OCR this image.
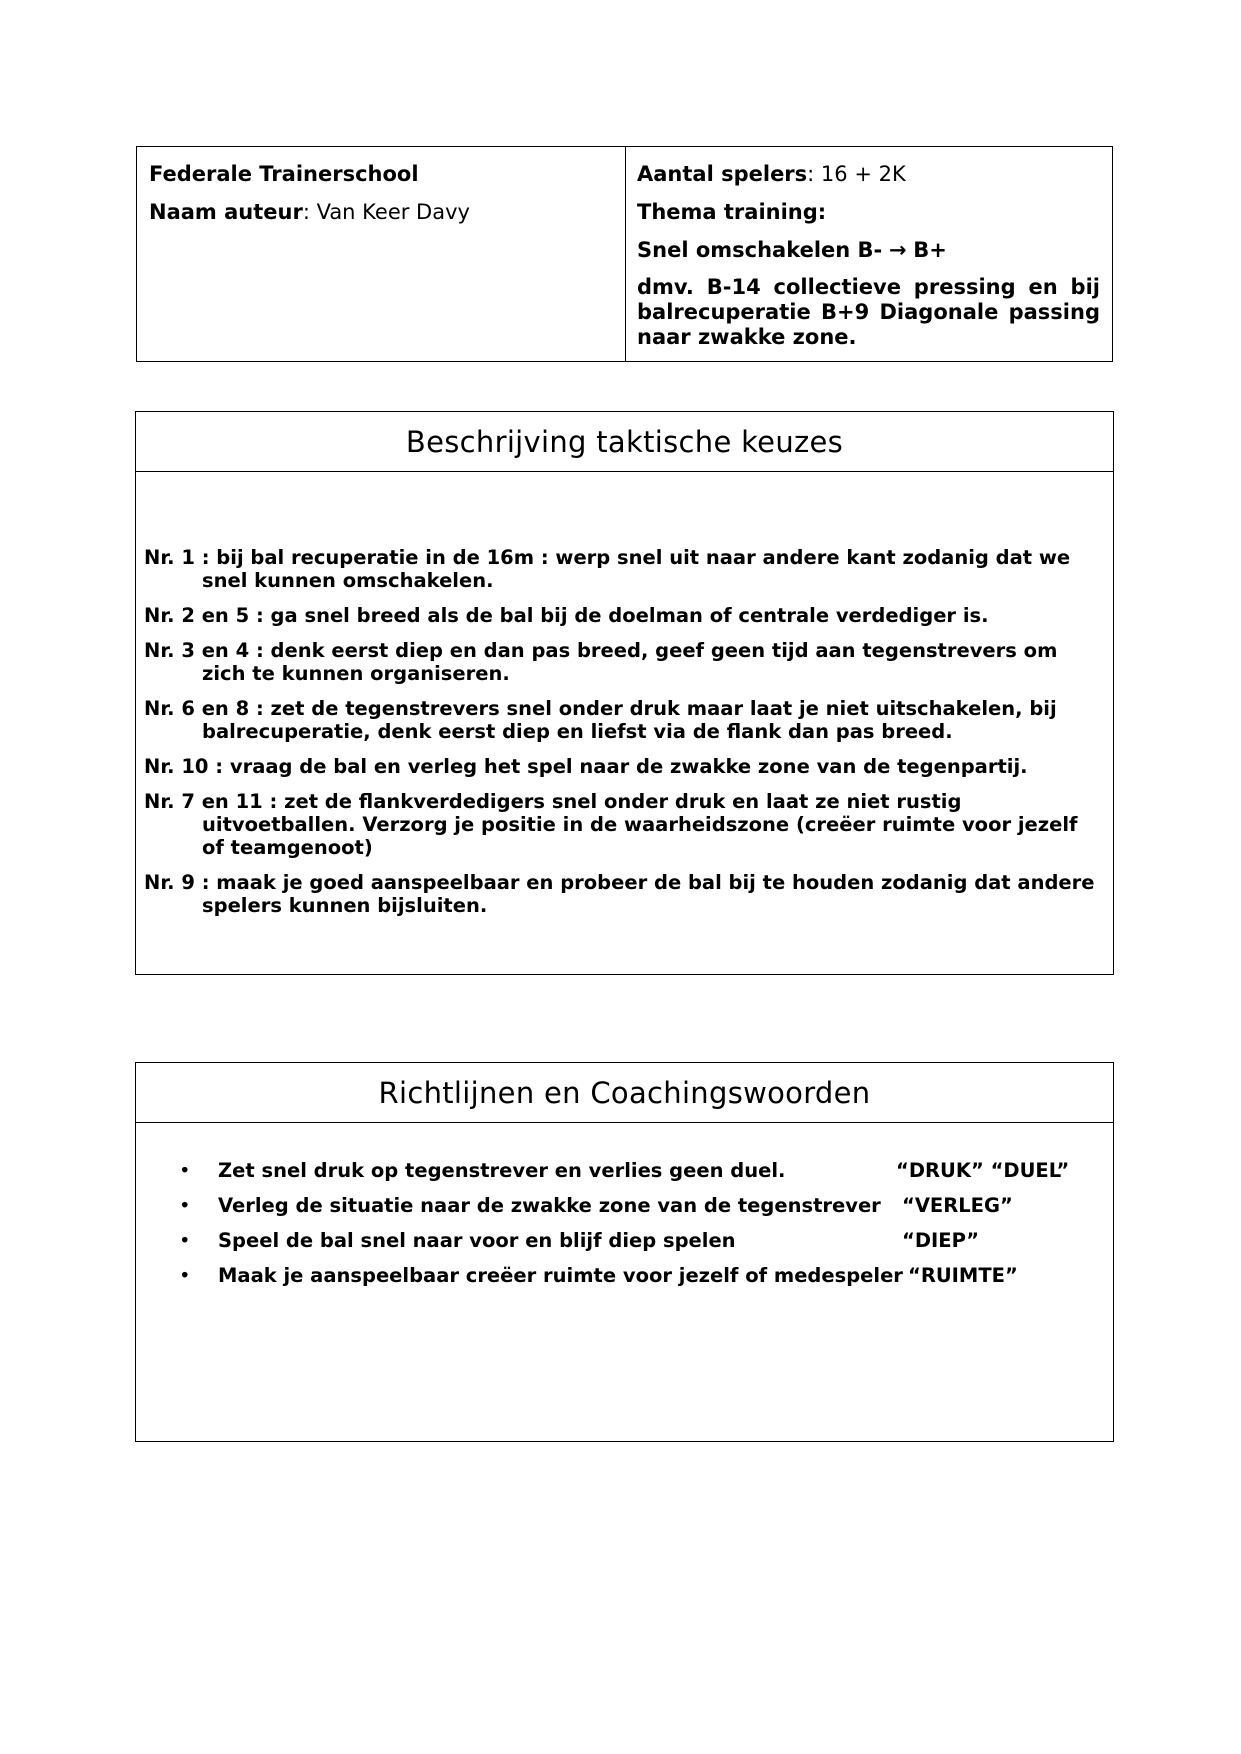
Federale Trainerschool
Naam auteur: Van Keer Davy
Aantal spelers: 16 + 2K
Thema training:
Snel omschakelen B- → B+
dmv. B-14 collectieve pressing en bij balrecuperatie B+9 Diagonale passing naar zwakke zone.
Beschrijving taktische keuzes
Nr. 1 : bij bal recuperatie in de 16m : werp snel uit naar andere kant zodanig dat we snel kunnen omschakelen.
Nr. 2 en 5 : ga snel breed als de bal bij de doelman of centrale verdediger is.
Nr. 3 en 4 : denk eerst diep en dan pas breed, geef geen tijd aan tegenstrevers om zich te kunnen organiseren.
Nr. 6 en 8 : zet de tegenstrevers snel onder druk maar laat je niet uitschakelen, bij balrecuperatie, denk eerst diep en liefst via de flank dan pas breed.
Nr. 10 : vraag de bal en verleg het spel naar de zwakke zone van de tegenpartij.
Nr. 7 en 11 : zet de flankverdedigers snel onder druk en laat ze niet rustig uitvoetballen. Verzorg je positie in de waarheidszone (creëer ruimte voor jezelf of teamgenoot)
Nr. 9 : maak je goed aanspeelbaar en probeer de bal bij te houden zodanig dat andere spelers kunnen bijsluiten.
Richtlijnen en Coachingswoorden
• Zet snel druk op tegenstrever en verlies geen duel.	“DRUK” “DUEL”
• Verleg de situatie naar de zwakke zone van de tegenstrever “VERLEG”
• Speel de bal snel naar voor en blijf diep spelen	“DIEP”
• Maak je aanspeelbaar creëer ruimte voor jezelf of medespeler “RUIMTE”
